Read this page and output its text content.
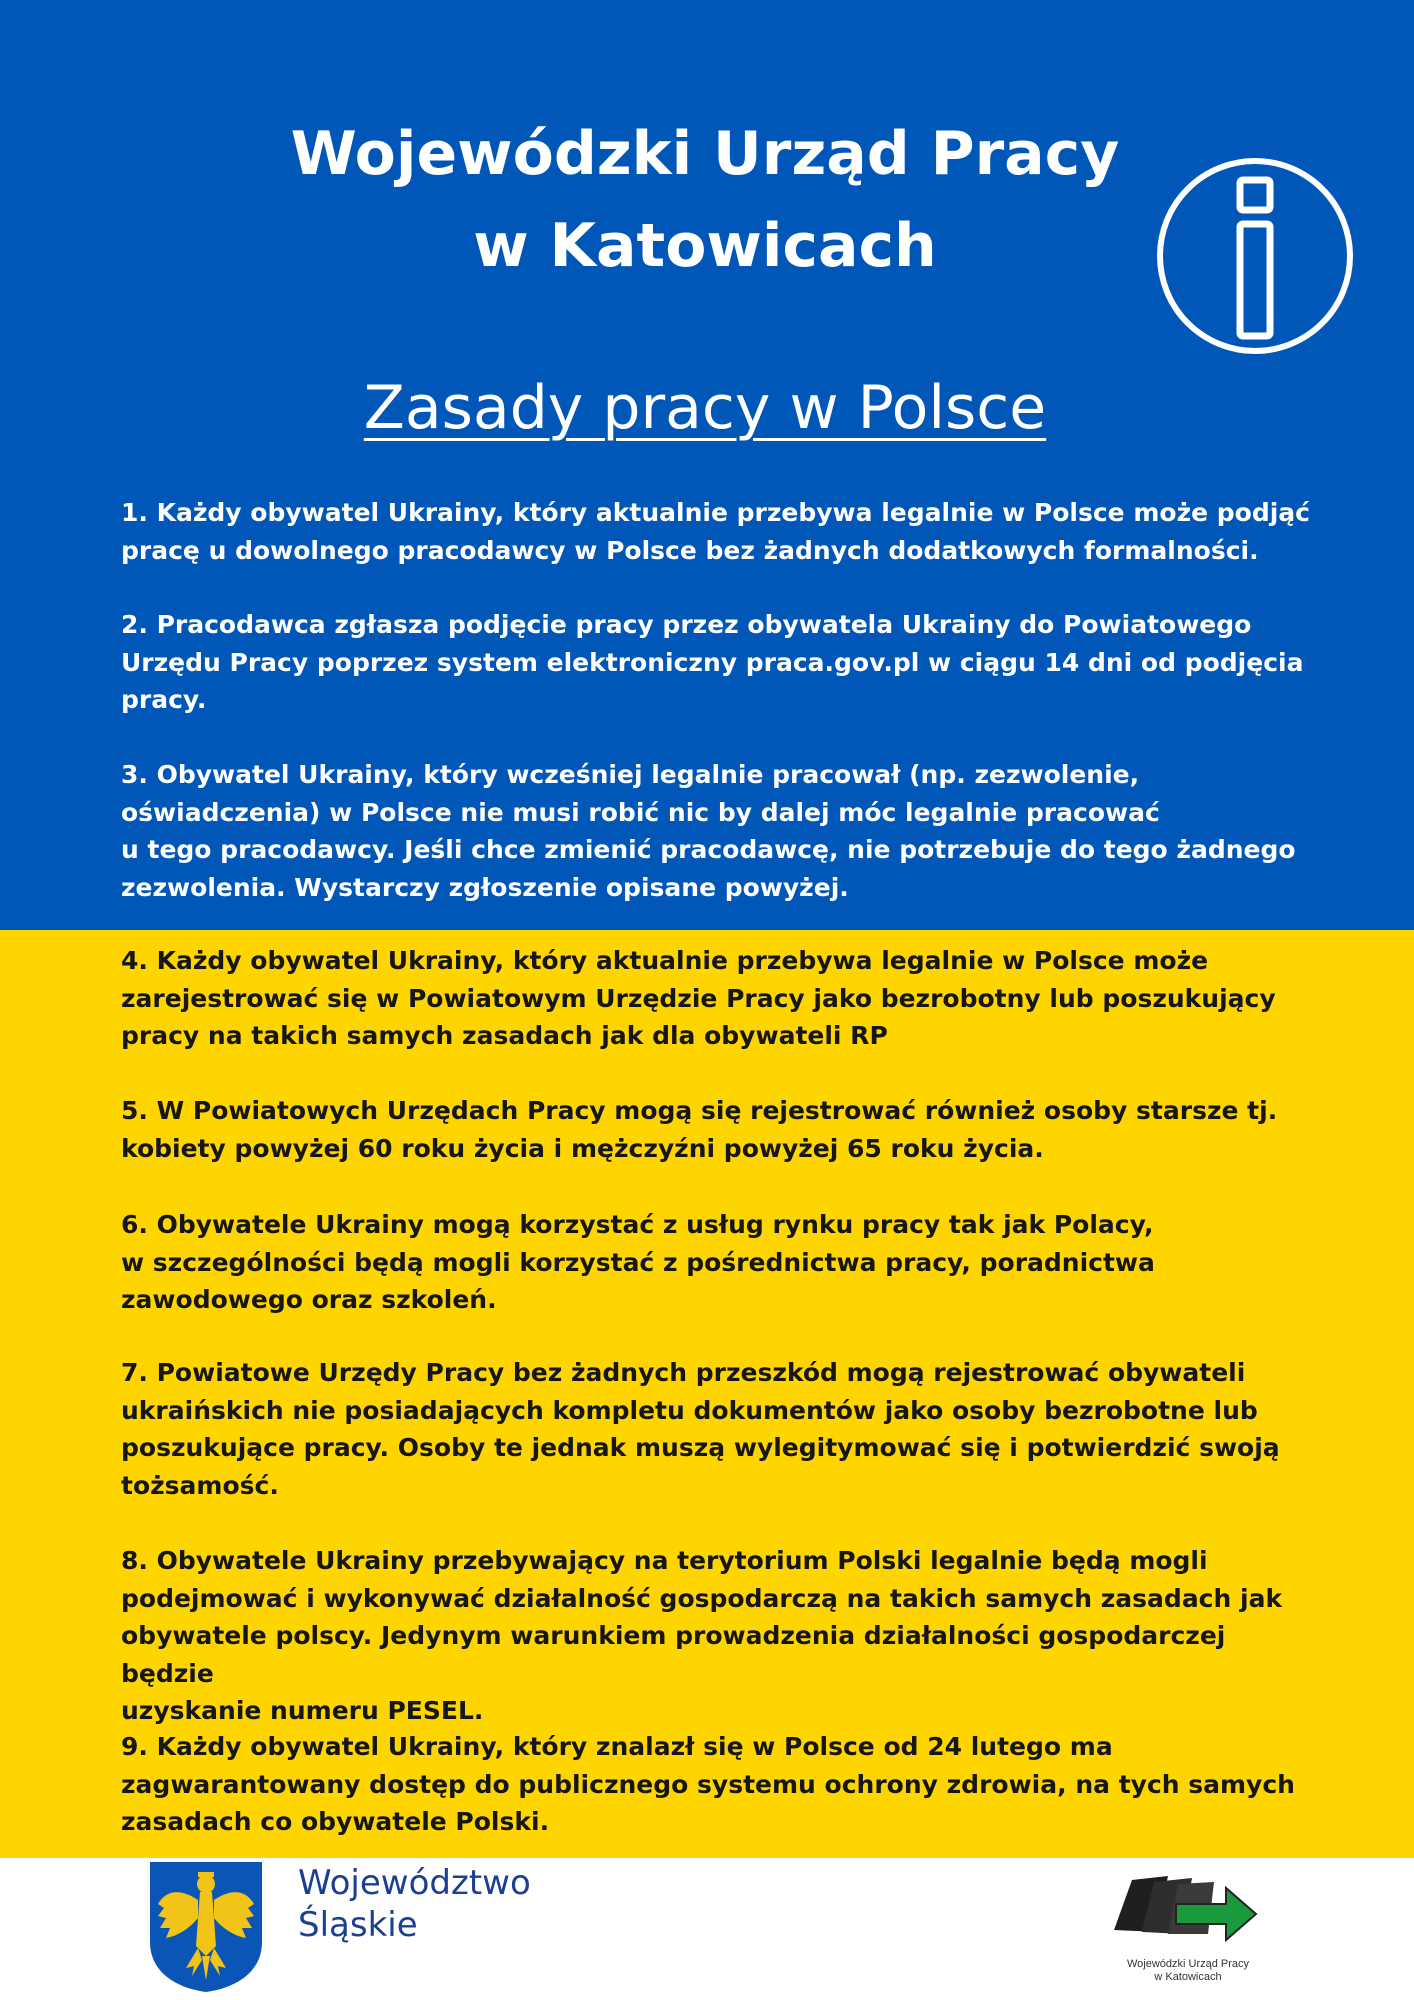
Wojewódzki Urząd Pracy
w Katowicach
Zasady pracy w Polsce
1. Każdy obywatel Ukrainy, który aktualnie przebywa legalnie w Polsce może podjąć
pracę u dowolnego pracodawcy w Polsce bez żadnych dodatkowych formalności.
2. Pracodawca zgłasza podjęcie pracy przez obywatela Ukrainy do Powiatowego
Urzędu Pracy poprzez system elektroniczny praca.gov.pl w ciągu 14 dni od podjęcia
pracy.
3. Obywatel Ukrainy, który wcześniej legalnie pracował (np. zezwolenie,
oświadczenia) w Polsce nie musi robić nic by dalej móc legalnie pracować
u tego pracodawcy. Jeśli chce zmienić pracodawcę, nie potrzebuje do tego żadnego
zezwolenia. Wystarczy zgłoszenie opisane powyżej.
4. Każdy obywatel Ukrainy, który aktualnie przebywa legalnie w Polsce może
zarejestrować się w Powiatowym Urzędzie Pracy jako bezrobotny lub poszukujący
pracy na takich samych zasadach jak dla obywateli RP
5. W Powiatowych Urzędach Pracy mogą się rejestrować również osoby starsze tj.
kobiety powyżej 60 roku życia i mężczyźni powyżej 65 roku życia.
6. Obywatele Ukrainy mogą korzystać z usług rynku pracy tak jak Polacy,
w szczególności będą mogli korzystać z pośrednictwa pracy, poradnictwa
zawodowego oraz szkoleń.
7. Powiatowe Urzędy Pracy bez żadnych przeszkód mogą rejestrować obywateli
ukraińskich nie posiadających kompletu dokumentów jako osoby bezrobotne lub
poszukujące pracy. Osoby te jednak muszą wylegitymować się i potwierdzić swoją
tożsamość.
8. Obywatele Ukrainy przebywający na terytorium Polski legalnie będą mogli
podejmować i wykonywać działalność gospodarczą na takich samych zasadach jak
obywatele polscy. Jedynym warunkiem prowadzenia działalności gospodarczej będzie
uzyskanie numeru PESEL.
9. Każdy obywatel Ukrainy, który znalazł się w Polsce od 24 lutego ma
zagwarantowany dostęp do publicznego systemu ochrony zdrowia, na tych samych
zasadach co obywatele Polski.
Województwo
Śląskie
Wojewódzki Urząd Pracy
w Katowicach
